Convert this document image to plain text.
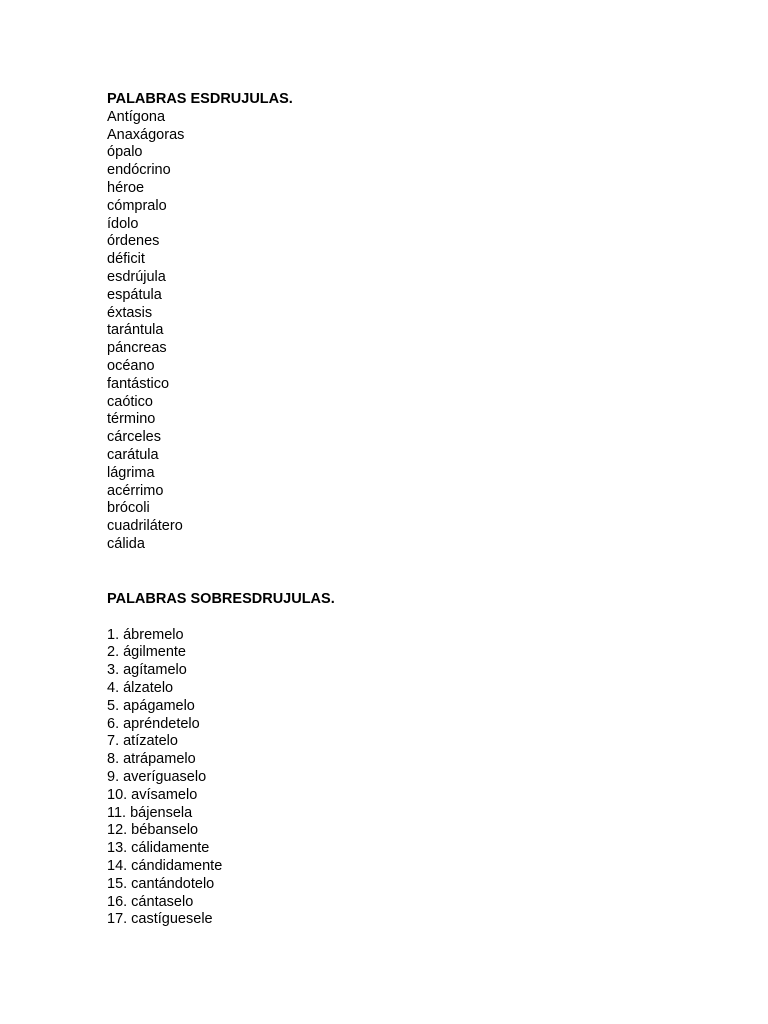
PALABRAS ESDRUJULAS.

Antígona
Anaxágoras
ópalo
endócrino
héroe
cómpralo
ídolo
órdenes
déficit
esdrújula
espátula
éxtasis
tarántula
páncreas
océano
fantástico
caótico
término
cárceles
carátula
lágrima
acérrimo
brócoli
cuadrilátero
cálida

PALABRAS SOBRESDRUJULAS.

1. ábremelo
2. ágilmente
3. agítamelo
4. álzatelo
5. apágamelo
6. apréndetelo
7. atízatelo
8. atrápamelo
9. averíguaselo
10. avísamelo
11. bájensela
12. bébanselo
13. cálidamente
14. cándidamente
15. cantándotelo
16. cántaselo
17. castíguesele
